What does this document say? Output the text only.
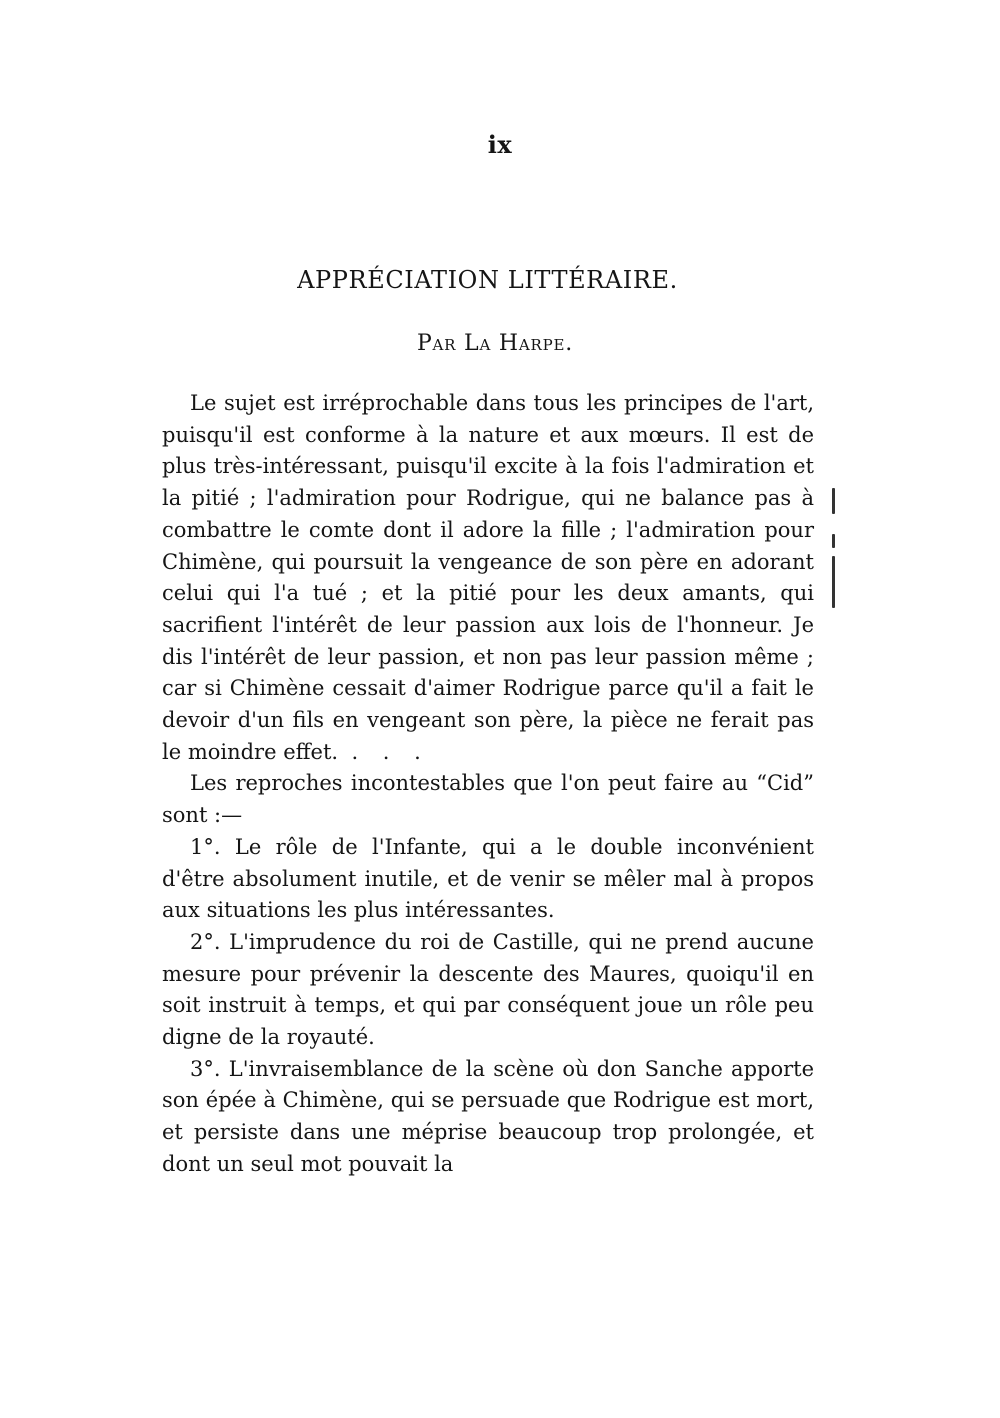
ix
APPRÉCIATION LITTÉRAIRE.
Par La Harpe.

Le sujet est irréprochable dans tous les principes de l'art, puisqu'il est conforme à la nature et aux mœurs. Il est de plus très-intéressant, puisqu'il excite à la fois l'admiration et la pitié ; l'admiration pour Rodrigue, qui ne balance pas à combattre le comte dont il adore la fille ; l'admiration pour Chimène, qui poursuit la vengeance de son père en adorant celui qui l'a tué ; et la pitié pour les deux amants, qui sacrifient l'intérêt de leur passion aux lois de l'honneur. Je dis l'intérêt de leur passion, et non pas leur passion même ; car si Chimène cessait d'aimer Rodrigue parce qu'il a fait le devoir d'un fils en vengeant son père, la pièce ne ferait pas le moindre effet. . . .

Les reproches incontestables que l'on peut faire au “Cid” sont :—

1°. Le rôle de l'Infante, qui a le double inconvénient d'être absolument inutile, et de venir se mêler mal à propos aux situations les plus intéressantes.

2°. L'imprudence du roi de Castille, qui ne prend aucune mesure pour prévenir la descente des Maures, quoiqu'il en soit instruit à temps, et qui par conséquent joue un rôle peu digne de la royauté.

3°. L'invraisemblance de la scène où don Sanche apporte son épée à Chimène, qui se persuade que Rodrigue est mort, et persiste dans une méprise beaucoup trop prolongée, et dont un seul mot pouvait la
